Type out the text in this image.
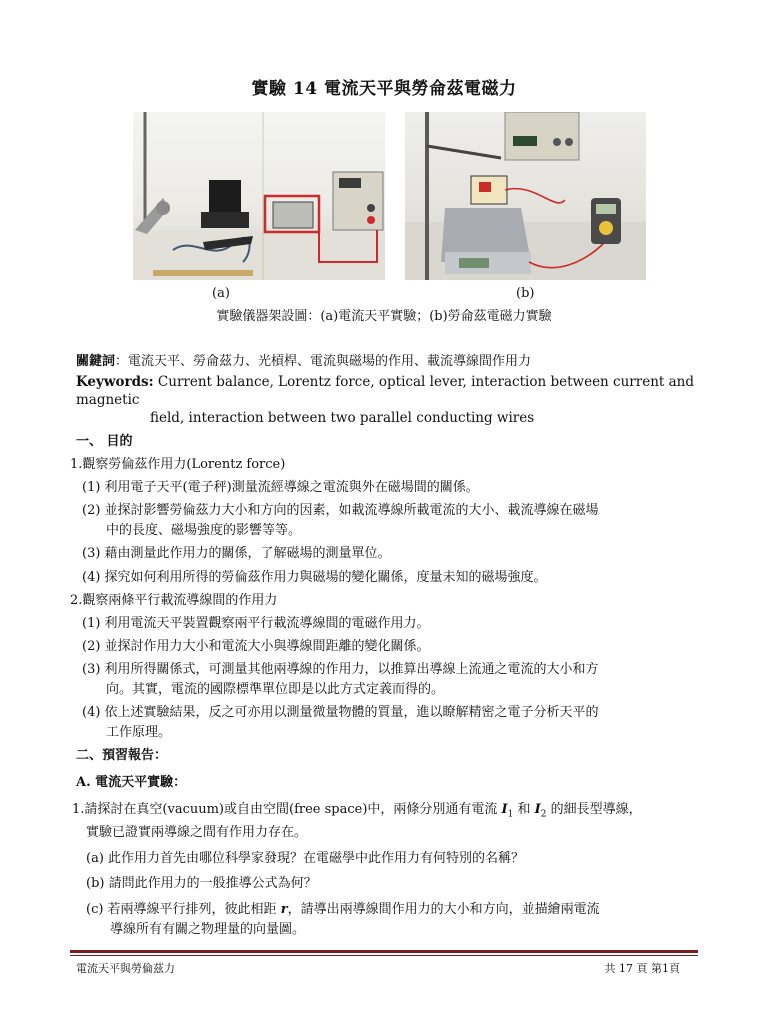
實驗 14 電流天平與勞侖茲電磁力
(a)	(b)
實驗儀器架設圖：(a)電流天平實驗；(b)勞侖茲電磁力實驗
關鍵詞：電流天平、勞侖茲力、光槓桿、電流與磁場的作用、載流導線間作用力
Keywords: Current balance, Lorentz force, optical lever, interaction between current and magnetic
field, interaction between two parallel conducting wires
一、 目的
1.觀察勞倫茲作用力(Lorentz force)
(1) 利用電子天平(電子秤)測量流經導線之電流與外在磁場間的關係。
(2) 並探討影響勞倫茲力大小和方向的因素，如載流導線所載電流的大小、載流導線在磁場
中的長度、磁場強度的影響等等。
(3) 藉由測量此作用力的關係，了解磁場的測量單位。
(4) 探究如何利用所得的勞倫茲作用力與磁場的變化關係，度量未知的磁場強度。
2.觀察兩條平行載流導線間的作用力
(1) 利用電流天平裝置觀察兩平行載流導線間的電磁作用力。
(2) 並探討作用力大小和電流大小與導線間距離的變化關係。
(3) 利用所得關係式，可測量其他兩導線的作用力，以推算出導線上流通之電流的大小和方
向。其實，電流的國際標準單位即是以此方式定義而得的。
(4) 依上述實驗結果，反之可亦用以測量微量物體的質量，進以瞭解精密之電子分析天平的
工作原理。
二、預習報告：
A. 電流天平實驗：
1.請探討在真空(vacuum)或自由空間(free space)中，兩條分別通有電流 $I_1$ 和 $I_2$ 的細長型導線，
實驗已證實兩導線之間有作用力存在。
(a) 此作用力首先由哪位科學家發現？在電磁學中此作用力有何特別的名稱？
(b) 請問此作用力的一般推導公式為何？
(c) 若兩導線平行排列，彼此相距 r，請導出兩導線間作用力的大小和方向，並描繪兩電流
導線所有有關之物理量的向量圖。
電流天平與勞倫茲力	共 17 頁 第1頁
